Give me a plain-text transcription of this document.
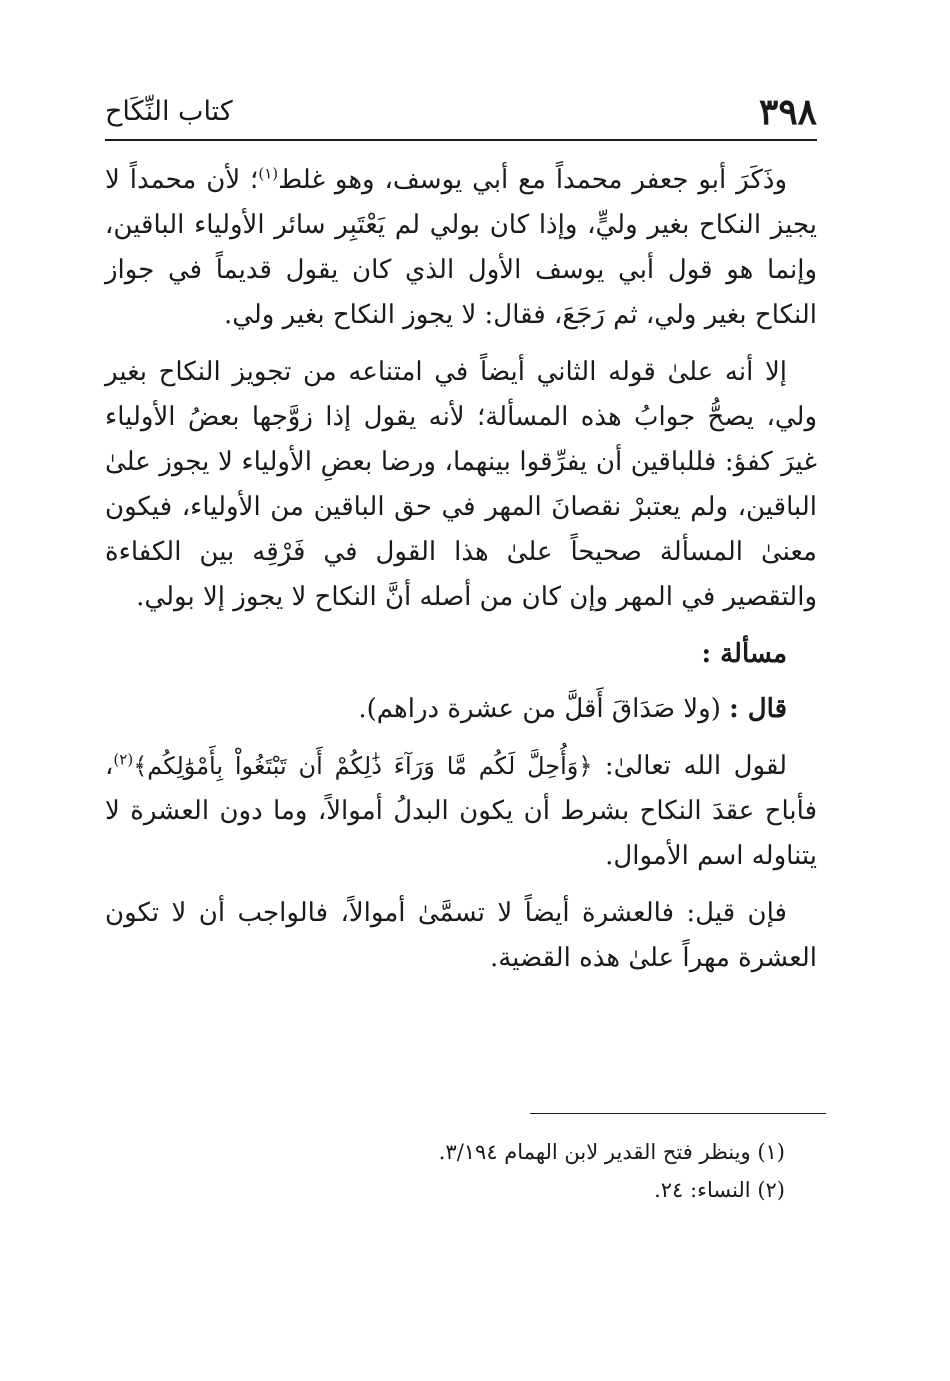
٣٩٨
كتاب النِّكَاح

وذَكَرَ أبو جعفر محمداً مع أبي يوسف، وهو غلط$^{(١)}$؛ لأن محمداً لا يجيز النكاح بغير وليٍّ، وإذا كان بولي لم يَعْتَبِر سائر الأولياء الباقين، وإنما هو قول أبي يوسف الأول الذي كان يقول قديماً في جواز النكاح بغير ولي، ثم رَجَعَ، فقال: لا يجوز النكاح بغير ولي.

إلا أنه علىٰ قوله الثاني أيضاً في امتناعه من تجويز النكاح بغير ولي، يصحُّ جوابُ هذه المسألة؛ لأنه يقول إذا زوَّجها بعضُ الأولياء غيرَ كفؤ: فللباقين أن يفرِّقوا بينهما، ورضا بعضِ الأولياء لا يجوز علىٰ الباقين، ولم يعتبرْ نقصانَ المهر في حق الباقين من الأولياء، فيكون معنىٰ المسألة صحيحاً علىٰ هذا القول في فَرْقِه بين الكفاءة والتقصير في المهر وإن كان من أصله أنَّ النكاح لا يجوز إلا بولي.

مسألة :

قال : (ولا صَدَاقَ أَقلَّ من عشرة دراهم).

لقول الله تعالىٰ: ﴿وَأُحِلَّ لَكُم مَّا وَرَآءَ ذَٰلِكُمْ أَن تَبْتَغُواْ بِأَمْوَٰلِكُم﴾$^{(٢)}$، فأباح عقدَ النكاح بشرط أن يكون البدلُ أموالاً، وما دون العشرة لا يتناوله اسم الأموال.

فإن قيل: فالعشرة أيضاً لا تسمَّىٰ أموالاً، فالواجب أن لا تكون العشرة مهراً علىٰ هذه القضية.

(١) وينظر فتح القدير لابن الهمام ٣/١٩٤.

(٢) النساء: ٢٤.
